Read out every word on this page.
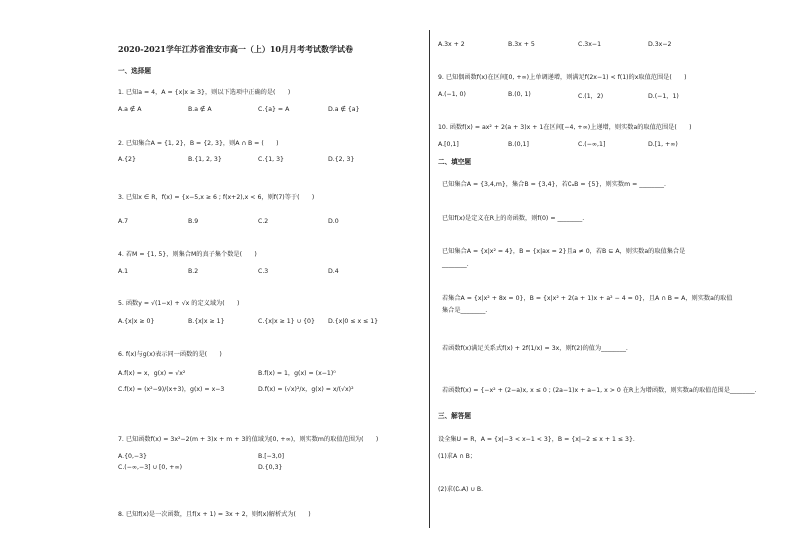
2020-2021学年江苏省淮安市高一（上）10月月考考试数学试卷
一、选择题
1. 已知a = 4，A = {x|x ≥ 3}，则以下选项中正确的是(　　)
A.a ∉ A	B.a ∉ A	C.{a} = A	D.a ∉ {a}
2. 已知集合A = {1, 2}，B = {2, 3}，则A ∩ B = (　　)
A.{2}	B.{1, 2, 3}	C.{1, 3}	D.{2, 3}
3. 已知x ∈ R，f(x) = {x−5,x ≥ 6 ; f(x+2),x < 6，则f(7)等于(　　)
A.7	B.9	C.2	D.0
4. 若M = {1, 5}，则集合M的真子集个数是(　　)
A.1	B.2	C.3	D.4
5. 函数y = √(1−x) + √x 的定义域为(　　)
A.{x|x ≥ 0}	B.{x|x ≥ 1}	C.{x|x ≥ 1} ∪ {0} D.{x|0 ≤ x ≤ 1}
6. f(x)与g(x)表示同一函数的是(　　)
A.f(x) = x，g(x) = √x²	B.f(x) = 1，g(x) = (x−1)⁰
C.f(x) = (x²−9)/(x+3)，g(x) = x−3	D.f(x) = (√x)²/x，g(x) = x/(√x)²
7. 已知函数f(x) = 3x²−2(m + 3)x + m + 3的值域为[0, +∞)，则实数m的取值范围为(　　)
A.{0,−3}	B.[−3,0]
C.(−∞,−3] ∪ [0, +∞)	D.{0,3}
8. 已知f(x)是一次函数，且f(x + 1) = 3x + 2，则f(x)解析式为(　　)
A.3x + 2	B.3x + 5	C.3x−1	D.3x−2
9. 已知偶函数f(x)在区间[0, +∞)上单调递增，则满足f(2x−1) < f(1)的x取值范围是(　　)
A.(−1, 0)	B.(0, 1)	C.(1，2)	D.(−1，1)
10. 函数f(x) = ax² + 2(a + 3)x + 1在区间[−4, +∞)上递增，则实数a的取值范围是(　　)
A.[0,1]	B.(0,1]	C.(−∞,1]	D.[1, +∞)
二、填空题
已知集合A = {3,4,m}，集合B = {3,4}，若∁ₐB = {5}，则实数m = ________.
已知f(x)是定义在R上的奇函数，则f(0) = ________.
已知集合A = {x|x² = 4}，B = {x|ax = 2}且a ≠ 0，若B ⊆ A，则实数a的取值集合是
________.
若集合A = {x|x² + 8x = 0}，B = {x|x² + 2(a + 1)x + a² − 4 = 0}，且A ∩ B = A，则实数a的取值
集合是________.
若函数f(x)满足关系式f(x) + 2f(1/x) = 3x，则f(2)的值为________.
若函数f(x) = {−x² + (2−a)x, x ≤ 0 ; (2a−1)x + a−1, x > 0 在R上为增函数，则实数a的取值范围是________.
三、解答题
设全集U = R，A = {x|−3 < x−1 < 3}，B = {x|−2 ≤ x + 1 ≤ 3}.
(1)求A ∩ B；
(2)求(∁ᵤA) ∪ B.
